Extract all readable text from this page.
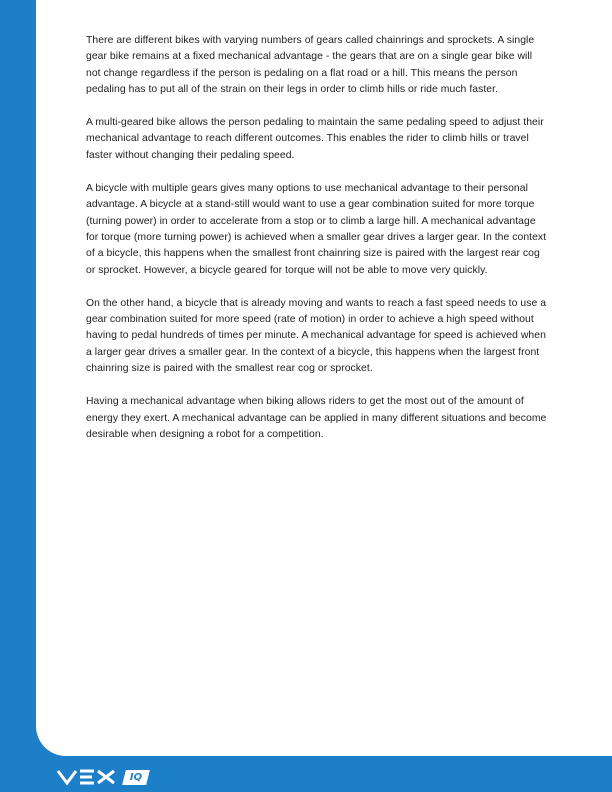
There are different bikes with varying numbers of gears called chainrings and sprockets. A single gear bike remains at a fixed mechanical advantage - the gears that are on a single gear bike will not change regardless if the person is pedaling on a flat road or a hill. This means the person pedaling has to put all of the strain on their legs in order to climb hills or ride much faster.

A multi-geared bike allows the person pedaling to maintain the same pedaling speed to adjust their mechanical advantage to reach different outcomes. This enables the rider to climb hills or travel faster without changing their pedaling speed.

A bicycle with multiple gears gives many options to use mechanical advantage to their personal advantage. A bicycle at a stand-still would want to use a gear combination suited for more torque (turning power) in order to accelerate from a stop or to climb a large hill. A mechanical advantage for torque (more turning power) is achieved when a smaller gear drives a larger gear. In the context of a bicycle, this happens when the smallest front chainring size is paired with the largest rear cog or sprocket. However, a bicycle geared for torque will not be able to move very quickly.

On the other hand, a bicycle that is already moving and wants to reach a fast speed needs to use a gear combination suited for more speed (rate of motion) in order to achieve a high speed without having to pedal hundreds of times per minute. A mechanical advantage for speed is achieved when a larger gear drives a smaller gear. In the context of a bicycle, this happens when the largest front chainring size is paired with the smallest rear cog or sprocket.

Having a mechanical advantage when biking allows riders to get the most out of the amount of energy they exert. A mechanical advantage can be applied in many different situations and become desirable when designing a robot for a competition.

IQ
